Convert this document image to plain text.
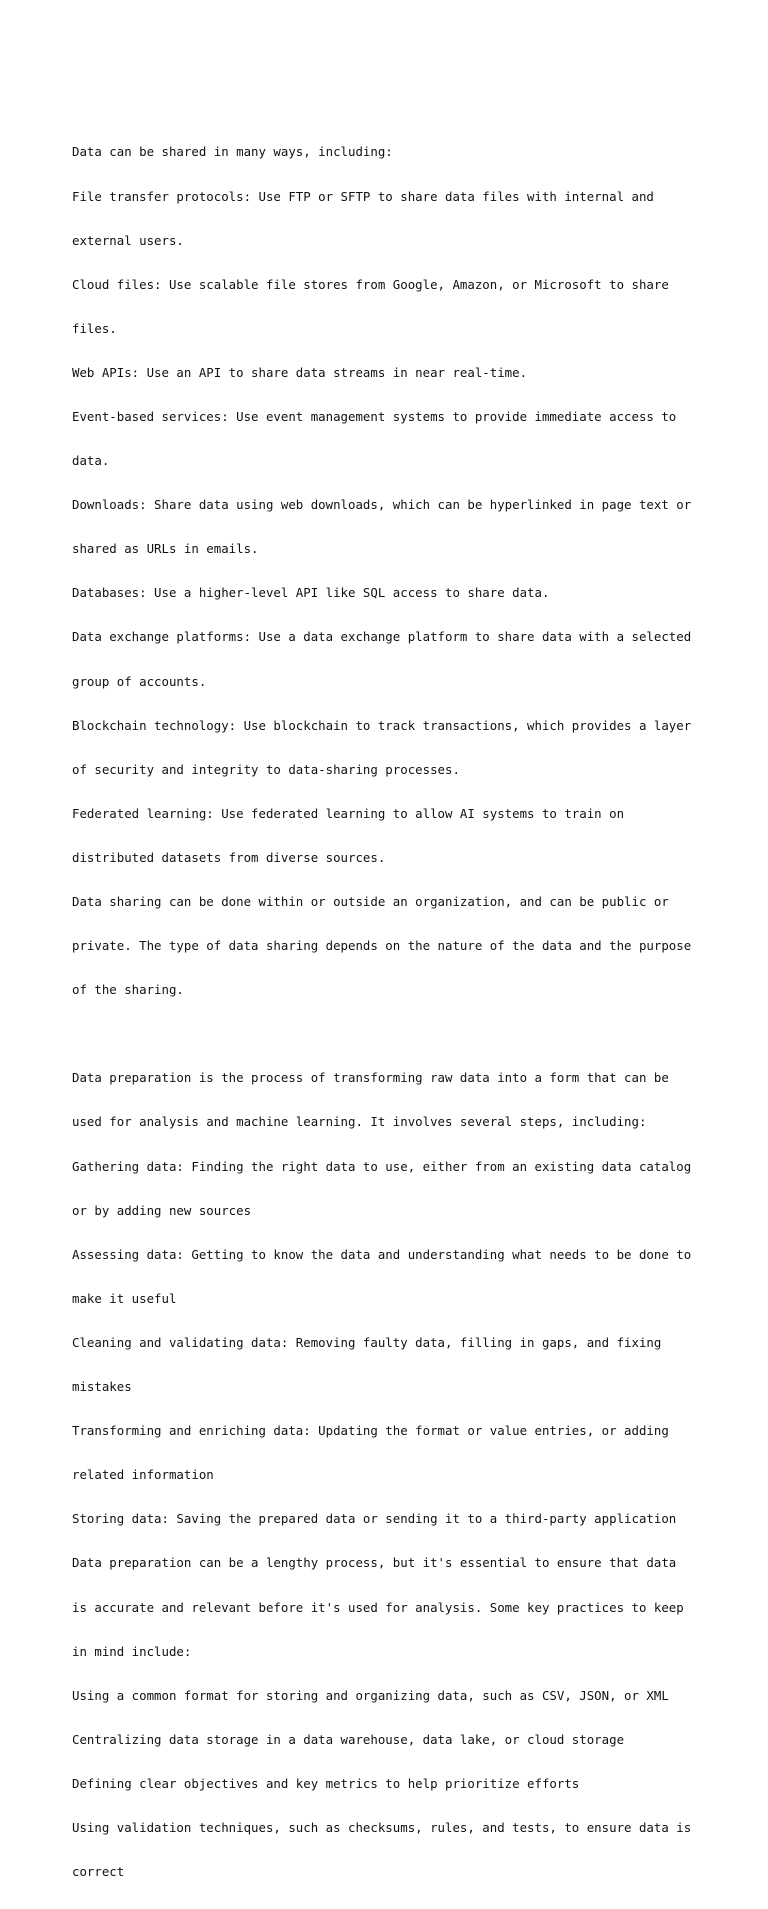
Data can be shared in many ways, including:

File transfer protocols: Use FTP or SFTP to share data files with internal and

external users.

Cloud files: Use scalable file stores from Google, Amazon, or Microsoft to share

files.

Web APIs: Use an API to share data streams in near real-time.

Event-based services: Use event management systems to provide immediate access to

data.

Downloads: Share data using web downloads, which can be hyperlinked in page text or

shared as URLs in emails.

Databases: Use a higher-level API like SQL access to share data.

Data exchange platforms: Use a data exchange platform to share data with a selected

group of accounts.

Blockchain technology: Use blockchain to track transactions, which provides a layer

of security and integrity to data-sharing processes.

Federated learning: Use federated learning to allow AI systems to train on

distributed datasets from diverse sources.

Data sharing can be done within or outside an organization, and can be public or

private. The type of data sharing depends on the nature of the data and the purpose

of the sharing.

Data preparation is the process of transforming raw data into a form that can be

used for analysis and machine learning. It involves several steps, including:

Gathering data: Finding the right data to use, either from an existing data catalog

or by adding new sources

Assessing data: Getting to know the data and understanding what needs to be done to

make it useful

Cleaning and validating data: Removing faulty data, filling in gaps, and fixing

mistakes

Transforming and enriching data: Updating the format or value entries, or adding

related information

Storing data: Saving the prepared data or sending it to a third-party application

Data preparation can be a lengthy process, but it's essential to ensure that data

is accurate and relevant before it's used for analysis. Some key practices to keep

in mind include:

Using a common format for storing and organizing data, such as CSV, JSON, or XML

Centralizing data storage in a data warehouse, data lake, or cloud storage

Defining clear objectives and key metrics to help prioritize efforts

Using validation techniques, such as checksums, rules, and tests, to ensure data is

correct
